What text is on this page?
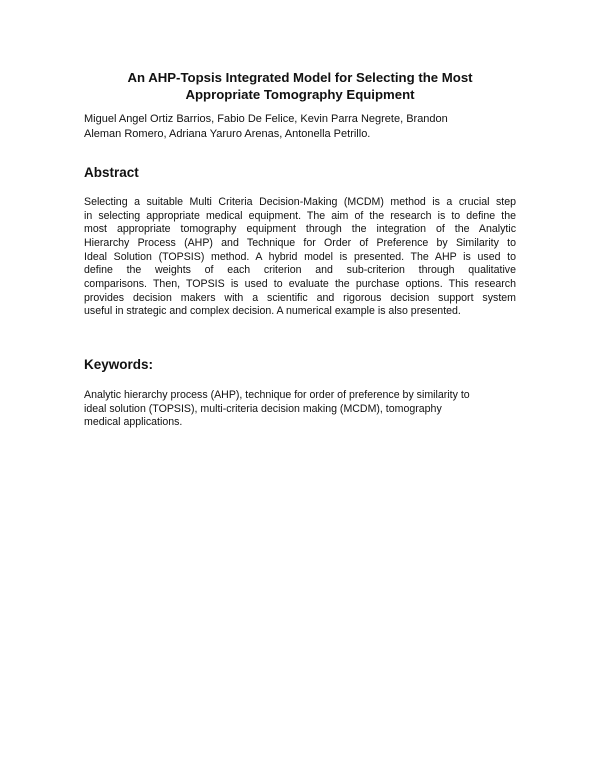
An AHP-Topsis Integrated Model for Selecting the Most
Appropriate Tomography Equipment

Miguel Angel Ortiz Barrios, Fabio De Felice, Kevin Parra Negrete, Brandon
Aleman Romero, Adriana Yaruro Arenas, Antonella Petrillo.

Abstract

Selecting a suitable Multi Criteria Decision-Making (MCDM) method is a crucial step
in selecting appropriate medical equipment. The aim of the research is to define the
most appropriate tomography equipment through the integration of the Analytic
Hierarchy Process (AHP) and Technique for Order of Preference by Similarity to
Ideal Solution (TOPSIS) method. A hybrid model is presented. The AHP is used to
define the weights of each criterion and sub-criterion through qualitative
comparisons. Then, TOPSIS is used to evaluate the purchase options. This research
provides decision makers with a scientific and rigorous decision support system
useful in strategic and complex decision. A numerical example is also presented.

Keywords:

Analytic hierarchy process (AHP), technique for order of preference by similarity to
ideal solution (TOPSIS), multi-criteria decision making (MCDM), tomography
medical applications.
